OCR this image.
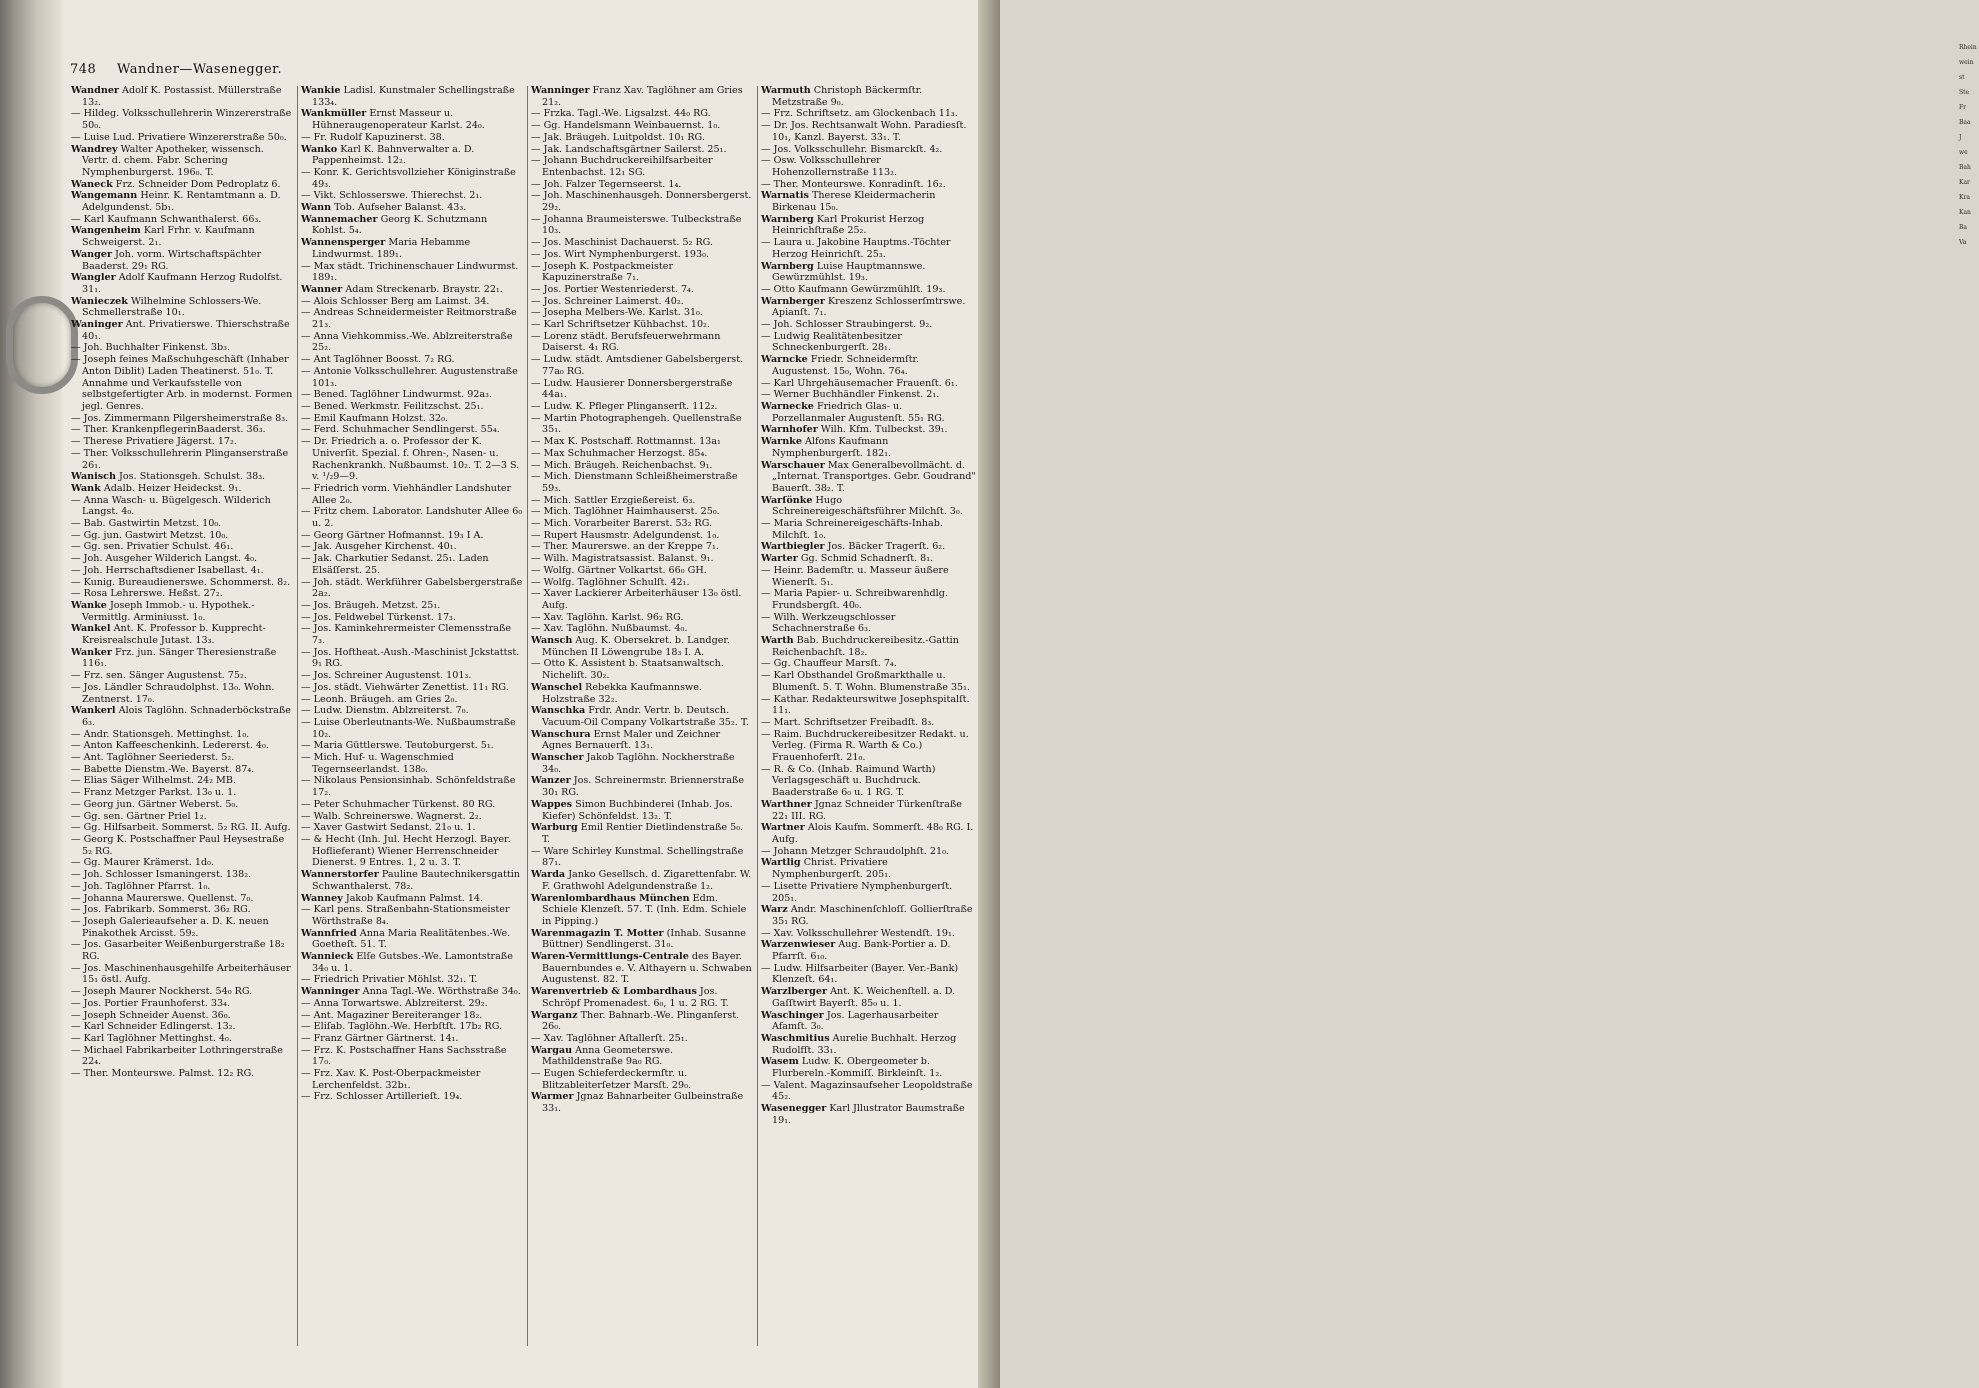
Rhein
wein
st
Ste
Fr
Baa
J
we
Bah
Kar
Kra
Kan
Ba
Va
748 Wandner—Wasenegger.

Wandner Adolf K. Postassist. Müllerstraße 13₂.

— Hildeg. Volksschullehrerin Winzererstraße 50₀.

— Luise Lud. Privatiere Winzererstraße 50₀.

Wandrey Walter Apotheker, wissensch. Vertr. d. chem. Fabr. Schering Nymphenburgerst. 196₀. T.

Waneck Frz. Schneider Dom Pedroplatz 6.

Wangemann Heinr. K. Rentamtmann a. D. Adelgundenst. 5b₁.

— Karl Kaufmann Schwanthalerst. 66₃.

Wangenheim Karl Frhr. v. Kaufmann Schweigerst. 2₁.

Wanger Joh. vorm. Wirtschaftspächter Baaderst. 29₁ RG.

Wangler Adolf Kaufmann Herzog Rudolfst. 31₁.

Wanieczek Wilhelmine Schlossers-We. Schmellerstraße 10₁.

Waninger Ant. Privatierswe. Thierschstraße 40₁.

— Joh. Buchhalter Finkenst. 3b₃.

— Joseph feines Maßschuhgeschäft (Inhaber Anton Diblit) Laden Theatinerst. 51₀. T. Annahme und Verkaufsstelle von selbstgefertigter Arb. in modernst. Formen jegl. Genres.

— Jos. Zimmermann Pilgersheimerstraße 8₃.

— Ther. KrankenpflegerinBaaderst. 36₃.

— Therese Privatiere Jägerst. 17₂.

— Ther. Volksschullehrerin Plinganserstraße 26₁.

Wanisch Jos. Stationsgeh. Schulst. 38₃.

Wank Adalb. Heizer Heideckst. 9₁.

— Anna Wasch- u. Bügelgesch. Wilderich Langst. 4₀.

— Bab. Gastwirtin Metzst. 10₀.

— Gg. jun. Gastwirt Metzst. 10₀.

— Gg. sen. Privatier Schulst. 46₁.

— Joh. Ausgeher Wilderich Langst. 4₀.

— Joh. Herrschaftsdiener Isabellast. 4₁.

— Kunig. Bureaudienerswe. Schommerst. 8₂.

— Rosa Lehrerswe. Heßst. 27₂.

Wanke Joseph Immob.- u. Hypothek.-Vermittlg. Arminiusst. 1₀.

Wankel Ant. K. Professor b. Kupprecht-Kreisrealschule Jutast. 13₃.

Wanker Frz. jun. Sänger Theresienstraße 116₁.

— Frz. sen. Sänger Augustenst. 75₂.

— Jos. Ländler Schraudolphst. 13₀. Wohn. Zentnerst. 17₀.

Wankerl Alois Taglöhn. Schnaderböckstraße 6₃.

— Andr. Stationsgeh. Mettinghst. 1₀.

— Anton Kaffeeschenkinh. Ledererst. 4₀.

— Ant. Taglöhner Seeriederst. 5₂.

— Babette Dienstm.-We. Bayerst. 87₄.

— Elias Säger Wilhelmst. 24₂ MB.

— Franz Metzger Parkst. 13₀ u. 1.

— Georg jun. Gärtner Weberst. 5₀.

— Gg. sen. Gärtner Priel 1₂.

— Gg. Hilfsarbeit. Sommerst. 5₂ RG. II. Aufg.

— Georg K. Postschaffner Paul Heysestraße 5₂ RG.

— Gg. Maurer Krämerst. 1d₀.

— Joh. Schlosser Ismaningerst. 138₂.

— Joh. Taglöhner Pfarrst. 1₀.

— Johanna Maurerswe. Quellenst. 7₀.

— Jos. Fabrikarb. Sommerst. 36₂ RG.

— Joseph Galerieaufseher a. D. K. neuen Pinakothek Arcisst. 59₂.

— Jos. Gasarbeiter Weißenburgerstraße 18₂ RG.

— Jos. Maschinenhausgehilfe Arbeiterhäuser 15₁ östl. Aufg.

— Joseph Maurer Nockherst. 54₀ RG.

— Jos. Portier Fraunhoferst. 33₄.

— Joseph Schneider Auenst. 36₀.

— Karl Schneider Edlingerst. 13₂.

— Karl Taglöhner Mettinghst. 4₀.

— Michael Fabrikarbeiter Lothringerstraße 22₄.

— Ther. Monteurswe. Palmst. 12₂ RG.

Wankie Ladisl. Kunstmaler Schellingstraße 133₄.

Wankmüller Ernst Masseur u. Hühneraugenoperateur Karlst. 24₀.

— Fr. Rudolf Kapuzinerst. 38.

Wanko Karl K. Bahnverwalter a. D. Pappenheimst. 12₂.

— Konr. K. Gerichtsvollzieher Königinstraße 49₃.

— Vikt. Schlosserswe. Thierechst. 2₁.

Wann Tob. Aufseher Balanst. 43₃.

Wannemacher Georg K. Schutzmann Kohlst. 5₄.

Wannensperger Maria Hebamme Lindwurmst. 189₁.

— Max städt. Trichinenschauer Lindwurmst. 189₁.

Wanner Adam Streckenarb. Braystr. 22₁.

— Alois Schlosser Berg am Laimst. 34.

— Andreas Schneidermeister Reitmorstraße 21₃.

— Anna Viehkommiss.-We. Ablzreiterstraße 25₂.

— Ant Taglöhner Boosst. 7₂ RG.

— Antonie Volksschullehrer. Augustenstraße 101₃.

— Bened. Taglöhner Lindwurmst. 92a₃.

— Bened. Werkmstr. Feilitzschst. 25₁.

— Emil Kaufmann Holzst. 32₀.

— Ferd. Schuhmacher Sendlingerst. 55₄.

— Dr. Friedrich a. o. Professor der K. Univerſit. Spezial. f. Ohren-, Nasen- u. Rachenkrankh. Nußbaumst. 10₂. T. 2—3 S. v. ¹/₂9—9.

— Friedrich vorm. Viehhändler Landshuter Allee 2₀.

— Fritz chem. Laborator. Landshuter Allee 6₀ u. 2.

— Georg Gärtner Hofmannst. 19₃ I A.

— Jak. Ausgeher Kirchenst. 40₁.

— Jak. Charkutier Sedanst. 25₁. Laden Elsäſſerst. 25.

— Joh. städt. Werkführer Gabelsbergerstraße 2a₂.

— Jos. Bräugeh. Metzst. 25₁.

— Jos. Feldwebel Türkenst. 17₃.

— Jos. Kaminkehrermeister Clemensstraße 7₃.

— Jos. Hoftheat.-Aush.-Maschinist Jckstattst. 9₁ RG.

— Jos. Schreiner Augustenst. 101₃.

— Jos. städt. Viehwärter Zenettist. 11₁ RG.

— Leonh. Bräugeh. am Gries 2₀.

— Ludw. Dienstm. Ablzreiterst. 7₀.

— Luise Oberleutnants-We. Nußbaumstraße 10₂.

— Maria Güttlerswe. Teutoburgerst. 5₁.

— Mich. Huf- u. Wagenschmied Tegernseerlandst. 138₀.

— Nikolaus Pensionsinhab. Schönfeldstraße 17₂.

— Peter Schuhmacher Türkenst. 80 RG.

— Walb. Schreinerswe. Wagnerst. 2₂.

— Xaver Gastwirt Sedanst. 21₀ u. 1.

— & Hecht (Inh. Jul. Hecht Herzogl. Bayer. Hoflieferant) Wiener Herrenschneider Dienerst. 9 Entres. 1, 2 u. 3. T.

Wannerstorfer Pauline Bautechnikersgattin Schwanthalerst. 78₂.

Wanney Jakob Kaufmann Palmst. 14.

— Karl pens. Straßenbahn-Stationsmeister Wörthstraße 8₄.

Wannfried Anna Maria Realitätenbes.-We. Goetheſt. 51. T.

Wannieck Elſe Gutsbes.-We. Lamontstraße 34₀ u. 1.

— Friedrich Privatier Möhlst. 32₁. T.

Wanninger Anna Tagl.-We. Wörthstraße 34₀.

— Anna Torwartswe. Ablzreiterst. 29₂.

— Ant. Magaziner Bereiteranger 18₂.

— Eliſab. Taglöhn.-We. Herbſtſt. 17b₂ RG.

— Franz Gärtner Gärtnerst. 14₁.

— Frz. K. Postschaffner Hans Sachsstraße 17₀.

— Frz. Xav. K. Post-Oberpackmeister Lerchenfeldst. 32b₁.

— Frz. Schlosser Artillerieſt. 19₄.

Wanninger Franz Xav. Taglöhner am Gries 21₂.

— Frzka. Tagl.-We. Ligsalzst. 44₀ RG.

— Gg. Handelsmann Weinbauernst. 1₀.

— Jak. Bräugeh. Luitpoldst. 10₁ RG.

— Jak. Landschaftsgärtner Sailerst. 25₁.

— Johann Buchdruckereihilfsarbeiter Entenbachst. 12₁ SG.

— Joh. Falzer Tegernseerst. 1₄.

— Joh. Maschinenhausgeh. Donnersbergerst. 29₂.

— Johanna Braumeisterswe. Tulbeckstraße 10₃.

— Jos. Maschinist Dachauerst. 5₂ RG.

— Jos. Wirt Nymphenburgerst. 193₀.

— Joseph K. Postpackmeister Kapuzinerstraße 7₁.

— Jos. Portier Westenriederst. 7₄.

— Jos. Schreiner Laimerst. 40₂.

— Josepha Melbers-We. Karlst. 31₀.

— Karl Schriftsetzer Kühbachst. 10₂.

— Lorenz städt. Berufsfeuerwehrmann Daiserst. 4₁ RG.

— Ludw. städt. Amtsdiener Gabelsbergerst. 77a₀ RG.

— Ludw. Hausierer Donnersbergerstraße 44a₁.

— Ludw. K. Pfleger Plinganserſt. 112₂.

— Martin Photographengeh. Quellenstraße 35₁.

— Max K. Postschaff. Rottmannst. 13a₁

— Max Schuhmacher Herzogst. 85₄.

— Mich. Bräugeh. Reichenbachst. 9₁.

— Mich. Dienstmann Schleißheimerstraße 59₃.

— Mich. Sattler Erzgießereist. 6₃.

— Mich. Taglöhner Haimhauserst. 25₀.

— Mich. Vorarbeiter Barerst. 53₂ RG.

— Rupert Hausmstr. Adelgundenst. 1₀.

— Ther. Maurerswe. an der Kreppe 7₁.

— Wilh. Magistratsassist. Balanst. 9₁.

— Wolfg. Gärtner Volkartst. 66₀ GH.

— Wolfg. Taglöhner Schulſt. 42₁.

— Xaver Lackierer Arbeiterhäuser 13₀ östl. Aufg.

— Xav. Taglöhn. Karlst. 96₂ RG.

— Xav. Taglöhn. Nußbaumst. 4₀.

Wansch Aug. K. Obersekret. b. Landger. München II Löwengrube 18₃ I. A.

— Otto K. Assistent b. Staatsanwaltsch. Nicheliſt. 30₂.

Wanschel Rebekka Kaufmannswe. Holzstraße 32₂.

Wanschka Frdr. Andr. Vertr. b. Deutsch. Vacuum-Oil Company Volkartstraße 35₂. T.

Wanschura Ernst Maler und Zeichner Agnes Bernauerſt. 13₁.

Wanscher Jakob Taglöhn. Nockherstraße 34₀.

Wanzer Jos. Schreinermstr. Briennerstraße 30₁ RG.

Wappes Simon Buchbinderei (Inhab. Jos. Kiefer) Schönfeldst. 13₂. T.

Warburg Emil Rentier Dietlindenstraße 5₀. T.

— Ware Schirley Kunstmal. Schellingstraße 87₁.

Warda Janko Gesellsch. d. Zigarettenfabr. W. F. Grathwohl Adelgundenstraße 1₂.

Warenlombardhaus München Edm. Schiele Klenzeſt. 57. T. (Inh. Edm. Schiele in Pipping.)

Warenmagazin T. Motter (Inhab. Susanne Büttner) Sendlingerst. 31₀.

Waren-Vermittlungs-Centrale des Bayer. Bauernbundes e. V. Althayern u. Schwaben Augustenst. 82. T.

Warenvertrieb & Lombardhaus Jos. Schröpf Promenadest. 6₀, 1 u. 2 RG. T.

Warganz Ther. Bahnarb.-We. Plinganſerst. 26₀.

— Xav. Taglöhner Aſtallerſt. 25₁.

Wargau Anna Geometerswe. Mathildenstraße 9a₀ RG.

— Eugen Schieferdeckermſtr. u. Blitzableiterſetzer Marsſt. 29₀.

Warmer Jgnaz Bahnarbeiter Gulbeinstraße 33₁.

Warmuth Christoph Bäckermſtr. Metzstraße 9₀.

— Frz. Schriftsetz. am Glockenbach 11₃.

— Dr. Jos. Rechtsanwalt Wohn. Paradiesſt. 10₁, Kanzl. Bayerst. 33₁. T.

— Jos. Volksschullehr. Bismarckſt. 4₂.

— Osw. Volksschullehrer Hohenzollernstraße 113₂.

— Ther. Monteurswe. Konradinſt. 16₂.

Warnatis Therese Kleidermacherin Birkenau 15₀.

Warnberg Karl Prokurist Herzog Heinrichſtraße 25₂.

— Laura u. Jakobine Hauptms.-Töchter Herzog Heinrichſt. 25₃.

Warnberg Luise Hauptmannswe. Gewürzmühlst. 19₃.

— Otto Kaufmann Gewürzmühlſt. 19₃.

Warnberger Kreszenz Schlosserſmtrswe. Apianſt. 7₁.

— Joh. Schlosser Straubingerst. 9₂.

— Ludwig Realitätenbesitzer Schneckenburgerſt. 28₁.

Warncke Friedr. Schneidermſtr. Augustenst. 15₀, Wohn. 76₄.

— Karl Uhrgehäusemacher Frauenſt. 6₁.

— Werner Buchhändler Finkenst. 2₁.

Warnecke Friedrich Glas- u. Porzellanmaler Augustenſt. 55₁ RG.

Warnhofer Wilh. Kfm. Tulbeckst. 39₁.

Warnke Alfons Kaufmann Nymphenburgerſt. 182₁.

Warschauer Max Generalbevollmächt. d. „Internat. Transportges. Gebr. Goudrand" Bauerſt. 38₂. T.

Warſönke Hugo Schreinereigeschäftsführer Milchſt. 3₀.

— Maria Schreinereigeschäfts-Inhab. Milchſt. 1₀.

Wartbiegler Jos. Bäcker Tragerſt. 6₂.

Warter Gg. Schmid Schadnerſt. 8₁.

— Heinr. Bademſtr. u. Masseur äußere Wienerſt. 5₁.

— Maria Papier- u. Schreibwarenhdlg. Frundsbergſt. 40₀.

— Wilh. Werkzeugschlosser Schachnerstraße 6₃.

Warth Bab. Buchdruckereibesitz.-Gattin Reichenbachſt. 18₂.

— Gg. Chauffeur Marsſt. 7₄.

— Karl Obsthandel Großmarkthalle u. Blumenſt. 5. T. Wohn. Blumenstraße 35₁.

— Kathar. Redakteurswitwe Josephspitalſt. 11₁.

— Mart. Schriftsetzer Freibadſt. 8₃.

— Raim. Buchdruckereibesitzer Redakt. u. Verleg. (Firma R. Warth & Co.) Frauenhoferſt. 21₀.

— R. & Co. (Inhab. Raimund Warth) Verlagsgeschäft u. Buchdruck. Baaderstraße 6₀ u. 1 RG. T.

Warthner Jgnaz Schneider Türkenſtraße 22₁ III. RG.

Wartner Alois Kaufm. Sommerſt. 48₀ RG. I. Aufg.

— Johann Metzger Schraudolphſt. 21₀.

Wartlig Christ. Privatiere Nymphenburgerſt. 205₁.

— Lisette Privatiere Nymphenburgerſt. 205₁.

Warz Andr. Maschinenſchloſſ. Gollierſtraße 35₁ RG.

— Xav. Volksschullehrer Westendſt. 19₁.

Warzenwieser Aug. Bank-Portier a. D. Pfarrſt. 6₁₀.

— Ludw. Hilfsarbeiter (Bayer. Ver.-Bank) Klenzeſt. 64₁.

Warzlberger Ant. K. Weichenſtell. a. D. Gaſſtwirt Bayerſt. 85₀ u. 1.

Waschinger Jos. Lagerhausarbeiter Afamſt. 3₀.

Waschmitius Aurelie Buchhalt. Herzog Rudolfſt. 33₁.

Wasem Ludw. K. Obergeometer b. Flurbereln.-Kommiſſ. Birkleinſt. 1₂.

— Valent. Magazinsaufseher Leopoldstraße 45₂.

Wasenegger Karl Jllustrator Baumstraße 19₁.
